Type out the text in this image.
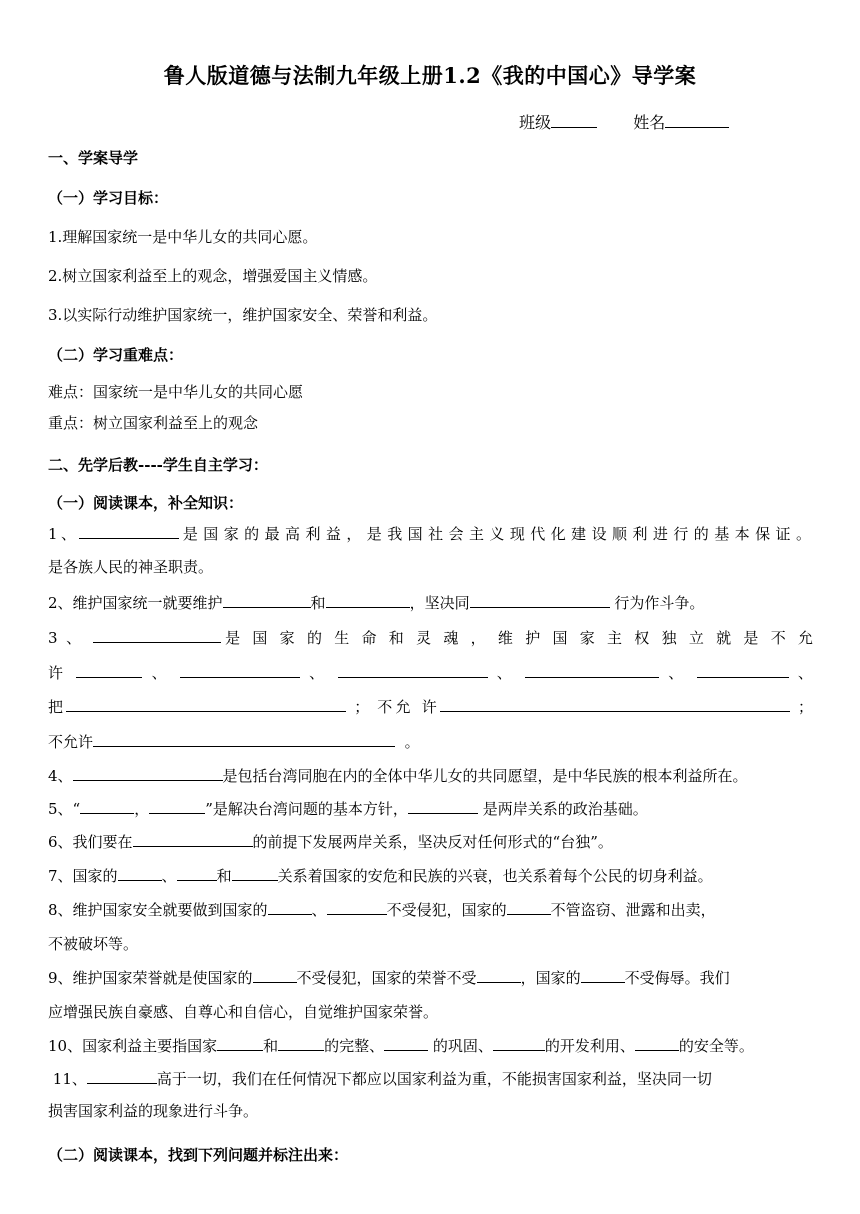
鲁人版道德与法制九年级上册1.2《我的中国心》导学案
班级	姓名
一、学案导学
（一）学习目标：
1.理解国家统一是中华儿女的共同心愿。
2.树立国家利益至上的观念，增强爱国主义情感。
3.以实际行动维护国家统一，维护国家安全、荣誉和利益。
（二）学习重难点：
难点：国家统一是中华儿女的共同心愿
重点：树立国家利益至上的观念
二、先学后教----学生自主学习：
（一）阅读课本，补全知识：
1、	是国家的最高利益，是我国社会主义现代化建设顺利进行的基本保证。
是各族人民的神圣职责。
2、维护国家统一就要维护	和	，坚决同	行为作斗争。
3 、	是 国 家 的 生 命 和 灵 魂 ， 维 护 国 家 主 权 独 立 就 是 不 允
许	、	、	、	、	、
把	； 不允 许	；
不允许	。
4、	是包括台湾同胞在内的全体中华儿女的共同愿望，是中华民族的根本利益所在。
5、“	，	”是解决台湾问题的基本方针，	是两岸关系的政治基础。
6、我们要在	的前提下发展两岸关系，坚决反对任何形式的“台独”。
7、国家的	、	和	关系着国家的安危和民族的兴衰，也关系着每个公民的切身利益。
8、维护国家安全就要做到国家的	、	不受侵犯，国家的	不管盗窃、泄露和出卖，
不被破坏等。
9、维护国家荣誉就是使国家的	不受侵犯，国家的荣誉不受	，国家的	不受侮辱。我们
应增强民族自豪感、自尊心和自信心，自觉维护国家荣誉。
10、国家利益主要指国家	和	的完整、	的巩固、	的开发利用、	的安全等。
11、	高于一切，我们在任何情况下都应以国家利益为重，不能损害国家利益，坚决同一切
损害国家利益的现象进行斗争。
（二）阅读课本，找到下列问题并标注出来：
